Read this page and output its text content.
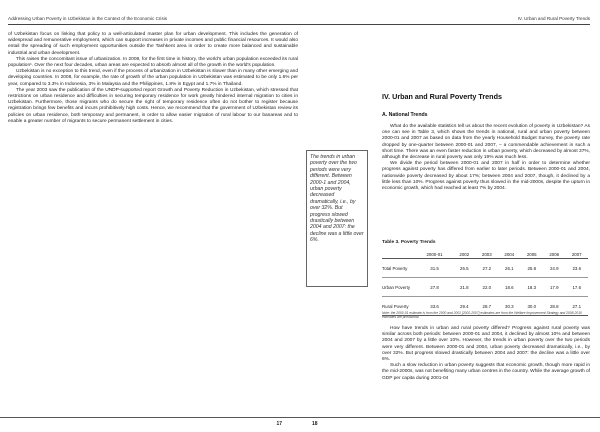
Addressing Urban Poverty in Uzbekistan in the Context of the Economic Crisis

of Uzbekistan focus on linking that policy to a well-articulated master plan for urban development. This includes the generation of widespread and remunerative employment, which can support increases in private incomes and public financial resources. It would also entail the spreading of such employment opportunities outside the Tashkent area in order to create more balanced and sustainable industrial and urban development.

This raises the concomitant issue of urbanization. In 2008, for the first time in history, the world's urban population exceeded its rural population¹. Over the next four decades, urban areas are expected to absorb almost all of the growth in the world's population.

Uzbekistan is no exception to this trend, even if the process of urbanization in Uzbekistan is slower than in many other emerging and developing countries. In 2008, for example, the rate of growth of the urban population in Uzbekistan was estimated to be only 1.6% per year, compared to 3.3% in Indonesia, 3% in Malaysia and the Philippines, 1.8% in Egypt and 1.7% in Thailand.

The year 2003 saw the publication of the UNDP-supported report Growth and Poverty Reduction in Uzbekistan, which stressed that restrictions on urban residence and difficulties in securing temporary residence for work greatly hindered internal migration to cities in Uzbekistan. Furthermore, those migrants who do secure the right of temporary residence often do not bother to register because registration brings few benefits and incurs prohibitively high costs. Hence, we recommend that the government of Uzbekistan review its policies on urban residence, both temporary and permanent, in order to allow easier migration of rural labour to our banareas and to enable a greater number of migrants to secure permanent settlement in cities.

17
IV. Urban and Rural Poverty Trends
The trends in urban poverty over the two periods were very different. Between 2000-1 and 2004, urban poverty decreased dramatically, i.e., by over 32%. But progress slowed drastically between 2004 and 2007: the decline was a little over 6%.
IV. Urban and Rural Poverty Trends
A. National Trends

What do the available statistics tell us about the recent evolution of poverty in Uzbekistan? As one can see in Table 3, which shows the trends in national, rural and urban poverty between 2000-01 and 2007 as based on data from the yearly Household Budget Survey, the poverty rate dropped by one-quarter between 2000-01 and 2007, – a commendable achievement in such a short time. There was an even faster reduction in urban poverty, which decreased by almost 37%, although the decrease in rural poverty was only 19% was much less.

We divide the period between 2000-01 and 2007 in half in order to determine whether progress against poverty has differed from earlier to later periods. Between 2000-01 and 2004, nationwide poverty decreased by about 17%; between 2004 and 2007, though, it declined by a little less than 10%. Progress against poverty thus slowed in the mid-2000s, despite the upturn in economic growth, which had reached at least 7% by 2004.

Table 3. Poverty Trends
	2000-01	2002	2003	2004	2005	2006	2007
Total Poverty	31.5	26.5	27.2	26.1	25.8	24.9	23.6
Urban Poverty	27.8	21.8	22.0	18.6	18.3	17.9	17.6
Rural Poverty	33.6	29.4	28.7	30.3	30.0	28.8	27.1
Note: the 2000-01 estimate is from the 2000 and 2001 [2002-2007] estimates are from the Welfare Improvement Strategy and 2008-2010 estimates are provisional.

How have trends in urban and rural poverty differed? Progress against rural poverty was similar across both periods: between 2000-01 and 2004, it declined by almost 10% and between 2004 and 2007 by a little over 10%. However, the trends in urban poverty over the two periods were very different. Between 2000-01 and 2004, urban poverty decreased dramatically, i.e., by over 32%. But progress slowed drastically between 2004 and 2007: the decline was a little over 6%.

Such a slow reduction in urban poverty suggests that economic growth, though more rapid in the mid-2000s, was not benefiting many urban centres in the country. While the average growth of GDP per capita during 2001-04

18
